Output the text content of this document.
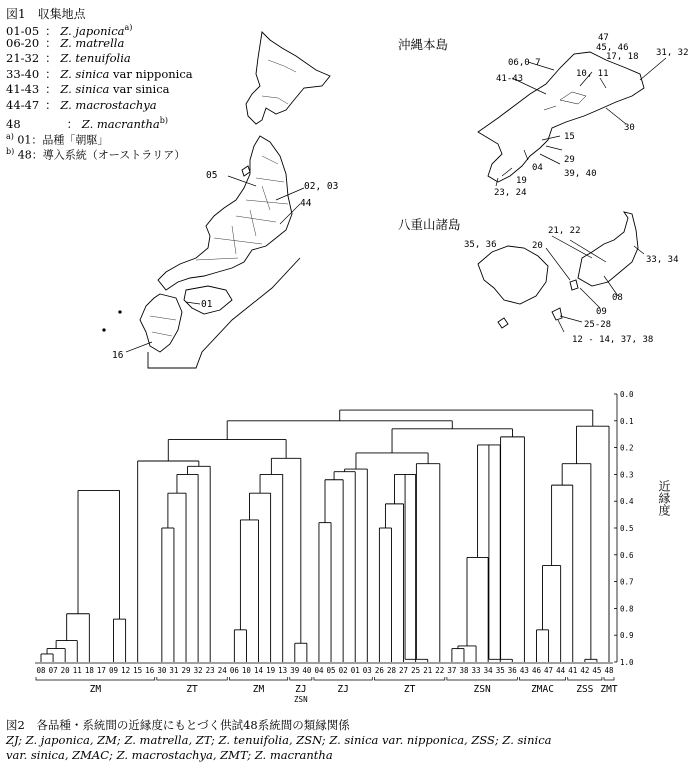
図1　収集地点
01-05 ： Z. japonica$^{a)}$
06-20 ： Z. matrella
21-32 ： Z. tenuifolia
33-40 ： Z. sinica var nipponica
41-43 ： Z. sinica var sinica
44-47 ： Z. macrostachya
48	： Z. macrantha$^{b)}$
$^{a)}$ 01：品種「朝駆」
$^{b)}$ 48：導入系統（オーストラリア）
05
02, 03
44
01
16
沖縄本島	47
45, 46
06,0 7
10, 11
17, 18 31, 32
41-43
30
15
29
04
39, 40
19
23, 24
八重山諸島	21, 22
20
35, 36
33, 34
09
08
25-28
12 - 14, 37, 38
08 07 20 11 18 17 09 12 15 16 30 31 29 32 23 24 06 10 14 19 13 39 40 04 05 02 01 03 26 28 27 25 21 22 37 38 33 34 35 36 43 46 47 44 41 42 45 48
ZM	ZT	ZM	ZJ	ZJ	ZT	ZSN	ZMAC ZSS ZMT
ZSN
0.0
0.1
0.2
0.3
0.4
0.5
0.6
0.7
0.8
0.9
1.0
近縁度
図2　各品種・系統間の近縁度にもとづく供試48系統間の類縁関係
ZJ; Z. japonica, ZM; Z. matrella, ZT; Z. tenuifolia, ZSN; Z. sinica var. nipponica, ZSS; Z. sinica
var. sinica, ZMAC; Z. macrostachya, ZMT; Z. macrantha
